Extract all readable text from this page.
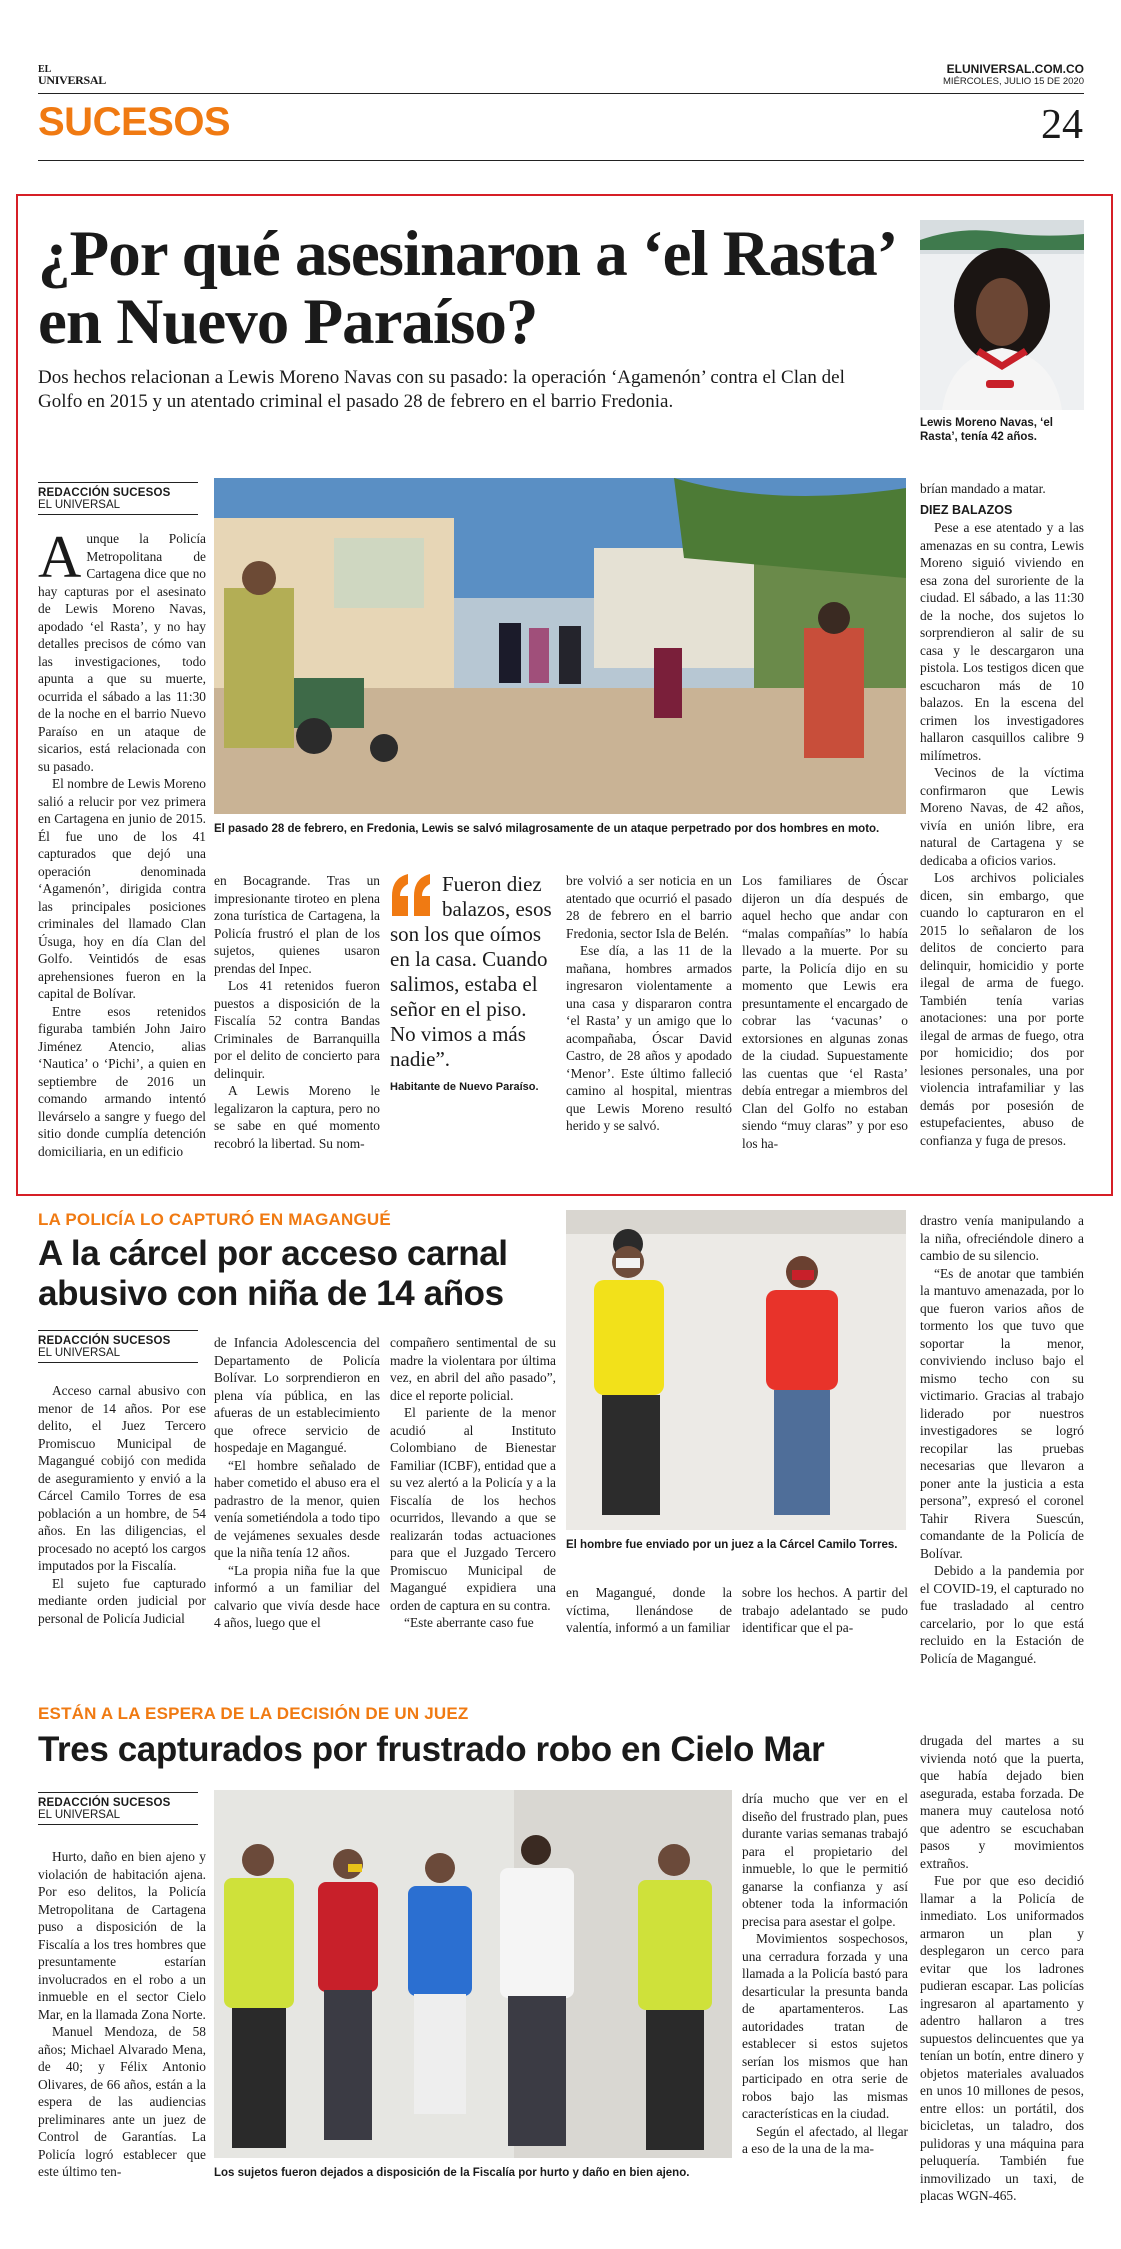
EL
UNIVERSAL
ELUNIVERSAL.COM.CO
MIÉRCOLES, JULIO 15 DE 2020
SUCESOS	24
¿Por qué asesinaron a ‘el Rasta’ en Nuevo Paraíso?
Dos hechos relacionan a Lewis Moreno Navas con su pasado: la operación ‘Agamenón’ contra el Clan del Golfo en 2015 y un atentado criminal el pasado 28 de febrero en el barrio Fredonia.
Lewis Moreno Navas, ‘el Rasta’, tenía 42 años.
REDACCIÓN SUCESOS
EL UNIVERSAL
El pasado 28 de febrero, en Fredonia, Lewis se salvó milagrosamente de un ataque perpetrado por dos hombres en moto.

Aunque la Policía Metropolitana de Cartagena dice que no hay capturas por el asesinato de Lewis Moreno Navas, apodado ‘el Rasta’, y no hay detalles precisos de cómo van las investigaciones, todo apunta a que su muerte, ocurrida el sábado a las 11:30 de la noche en el barrio Nuevo Paraíso en un ataque de sicarios, está relacionada con su pasado.

El nombre de Lewis Moreno salió a relucir por vez primera en Cartagena en junio de 2015. Él fue uno de los 41 capturados que dejó una operación denominada ‘Agamenón’, dirigida contra las principales posiciones criminales del llamado Clan Úsuga, hoy en día Clan del Golfo. Veintidós de esas aprehensiones fueron en la capital de Bolívar.

Entre esos retenidos figuraba también John Jairo Jiménez Atencio, alias ‘Nautica’ o ‘Pichi’, a quien en septiembre de 2016 un comando armando intentó llevárselo a sangre y fuego del sitio donde cumplía detención domiciliaria, en un edificio

en Bocagrande. Tras un impresionante tiroteo en plena zona turística de Cartagena, la Policía frustró el plan de los sujetos, quienes usaron prendas del Inpec.

Los 41 retenidos fueron puestos a disposición de la Fiscalía 52 contra Bandas Criminales de Barranquilla por el delito de concierto para delinquir.

A Lewis Moreno le legalizaron la captura, pero no se sabe en qué momento recobró la libertad. Su nom-

Fueron diez balazos, esos son los que oímos en la casa. Cuando salimos, estaba el señor en el piso. No vimos a más nadie”.
Habitante de Nuevo Paraíso.

bre volvió a ser noticia en un atentado que ocurrió el pasado 28 de febrero en el barrio Fredonia, sector Isla de Belén.

Ese día, a las 11 de la mañana, hombres armados ingresaron violentamente a una casa y dispararon contra ‘el Rasta’ y un amigo que lo acompañaba, Óscar David Castro, de 28 años y apodado ‘Menor’. Este último falleció camino al hospital, mientras que Lewis Moreno resultó herido y se salvó.

Los familiares de Óscar dijeron un día después de aquel hecho que andar con “malas compañías” lo había llevado a la muerte. Por su parte, la Policía dijo en su momento que Lewis era presuntamente el encargado de cobrar las ‘vacunas’ o extorsiones en algunas zonas de la ciudad. Supuestamente las cuentas que ‘el Rasta’ debía entregar a miembros del Clan del Golfo no estaban siendo “muy claras” y por eso los ha-

brían mandado a matar.

DIEZ BALAZOS

Pese a ese atentado y a las amenazas en su contra, Lewis Moreno siguió viviendo en esa zona del suroriente de la ciudad. El sábado, a las 11:30 de la noche, dos sujetos lo sorprendieron al salir de su casa y le descargaron una pistola. Los testigos dicen que escucharon más de 10 balazos. En la escena del crimen los investigadores hallaron casquillos calibre 9 milímetros.

Vecinos de la víctima confirmaron que Lewis Moreno Navas, de 42 años, vivía en unión libre, era natural de Cartagena y se dedicaba a oficios varios.

Los archivos policiales dicen, sin embargo, que cuando lo capturaron en el 2015 lo señalaron de los delitos de concierto para delinquir, homicidio y porte ilegal de arma de fuego. También tenía varias anotaciones: una por porte ilegal de armas de fuego, otra por homicidio; dos por lesiones personales, una por violencia intrafamiliar y las demás por posesión de estupefacientes, abuso de confianza y fuga de presos.

LA POLICÍA LO CAPTURÓ EN MAGANGUÉ
A la cárcel por acceso carnal abusivo con niña de 14 años
REDACCIÓN SUCESOS
EL UNIVERSAL
El hombre fue enviado por un juez a la Cárcel Camilo Torres.

Acceso carnal abusivo con menor de 14 años. Por ese delito, el Juez Tercero Promiscuo Municipal de Magangué cobijó con medida de aseguramiento y envió a la Cárcel Camilo Torres de esa población a un hombre, de 54 años. En las diligencias, el procesado no aceptó los cargos imputados por la Fiscalía.

El sujeto fue capturado mediante orden judicial por personal de Policía Judicial

de Infancia Adolescencia del Departamento de Policía Bolívar. Lo sorprendieron en plena vía pública, en las afueras de un establecimiento que ofrece servicio de hospedaje en Magangué.

“El hombre señalado de haber cometido el abuso era el padrastro de la menor, quien venía sometiéndola a todo tipo de vejámenes sexuales desde que la niña tenía 12 años.

“La propia niña fue la que informó a un familiar del calvario que vivía desde hace 4 años, luego que el

compañero sentimental de su madre la violentara por última vez, en abril del año pasado”, dice el reporte policial.

El pariente de la menor acudió al Instituto Colombiano de Bienestar Familiar (ICBF), entidad que a su vez alertó a la Policía y a la Fiscalía de los hechos ocurridos, llevando a que se realizarán todas actuaciones para que el Juzgado Tercero Promiscuo Municipal de Magangué expidiera una orden de captura en su contra.

“Este aberrante caso fue

en Magangué, donde la víctima, llenándose de valentía, informó a un familiar

sobre los hechos. A partir del trabajo adelantado se pudo identificar que el pa-

drastro venía manipulando a la niña, ofreciéndole dinero a cambio de su silencio.

“Es de anotar que también la mantuvo amenazada, por lo que fueron varios años de tormento los que tuvo que soportar la menor, conviviendo incluso bajo el mismo techo con su victimario. Gracias al trabajo liderado por nuestros investigadores se logró recopilar las pruebas necesarias que llevaron a poner ante la justicia a esta persona”, expresó el coronel Tahir Rivera Suescún, comandante de la Policía de Bolívar.

Debido a la pandemia por el COVID-19, el capturado no fue trasladado al centro carcelario, por lo que está recluido en la Estación de Policía de Magangué.

ESTÁN A LA ESPERA DE LA DECISIÓN DE UN JUEZ
Tres capturados por frustrado robo en Cielo Mar
REDACCIÓN SUCESOS
EL UNIVERSAL
Los sujetos fueron dejados a disposición de la Fiscalía por hurto y daño en bien ajeno.

Hurto, daño en bien ajeno y violación de habitación ajena. Por eso delitos, la Policía Metropolitana de Cartagena puso a disposición de la Fiscalía a los tres hombres que presuntamente estarían involucrados en el robo a un inmueble en el sector Cielo Mar, en la llamada Zona Norte.

Manuel Mendoza, de 58 años; Michael Alvarado Mena, de 40; y Félix Antonio Olivares, de 66 años, están a la espera de las audiencias preliminares ante un juez de Control de Garantías. La Policía logró establecer que este último ten-

dría mucho que ver en el diseño del frustrado plan, pues durante varias semanas trabajó para el propietario del inmueble, lo que le permitió ganarse la confianza y así obtener toda la información precisa para asestar el golpe.

Movimientos sospechosos, una cerradura forzada y una llamada a la Policía bastó para desarticular la presunta banda de apartamenteros. Las autoridades tratan de establecer si estos sujetos serían los mismos que han participado en otra serie de robos bajo las mismas características en la ciudad.

Según el afectado, al llegar a eso de la una de la ma-

drugada del martes a su vivienda notó que la puerta, que había dejado bien asegurada, estaba forzada. De manera muy cautelosa notó que adentro se escuchaban pasos y movimientos extraños.

Fue por que eso decidió llamar a la Policía de inmediato. Los uniformados armaron un plan y desplegaron un cerco para evitar que los ladrones pudieran escapar. Las policías ingresaron al apartamento y adentro hallaron a tres supuestos delincuentes que ya tenían un botín, entre dinero y objetos materiales avaluados en unos 10 millones de pesos, entre ellos: un portátil, dos bicicletas, un taladro, dos pulidoras y una máquina para peluquería. También fue inmovilizado un taxi, de placas WGN-465.
